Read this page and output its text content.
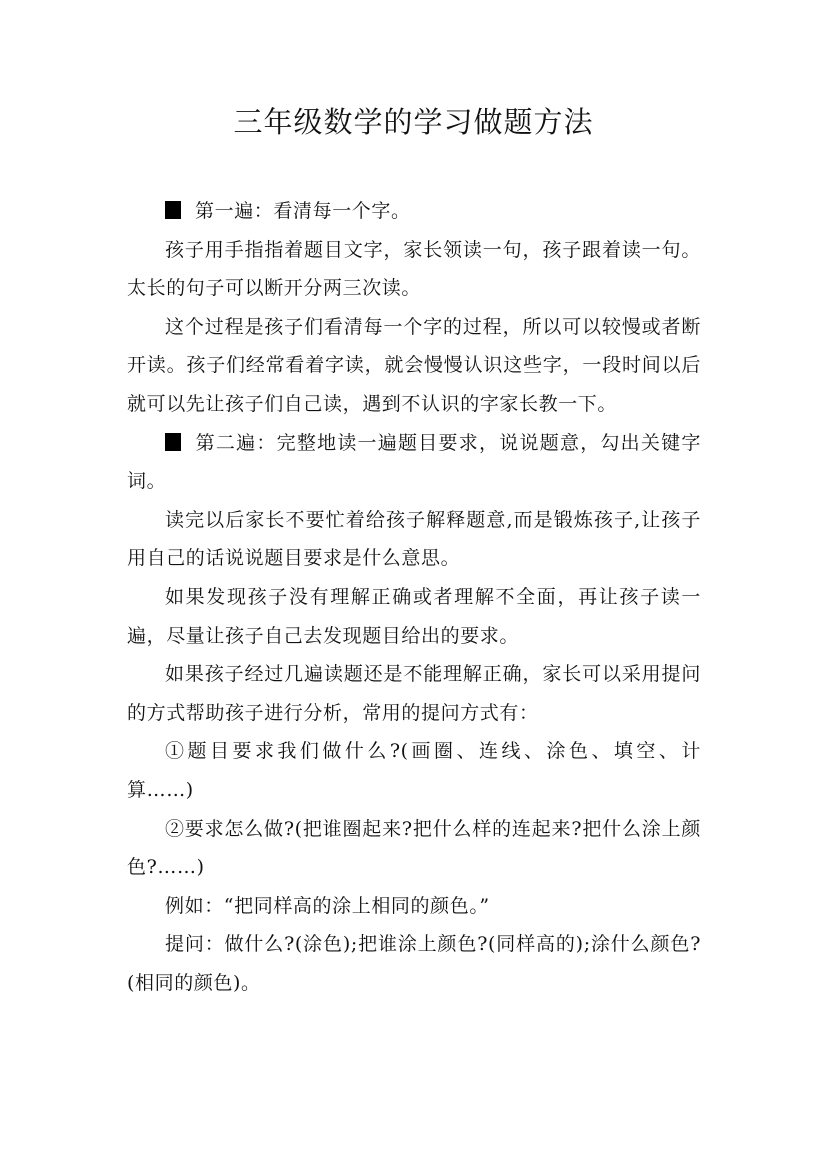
三年级数学的学习做题方法

第一遍：看清每一个字。

孩子用手指指着题目文字，家长领读一句，孩子跟着读一句。太长的句子可以断开分两三次读。

这个过程是孩子们看清每一个字的过程，所以可以较慢或者断开读。孩子们经常看着字读，就会慢慢认识这些字，一段时间以后就可以先让孩子们自己读，遇到不认识的字家长教一下。

第二遍：完整地读一遍题目要求，说说题意，勾出关键字词。

读完以后家长不要忙着给孩子解释题意,而是锻炼孩子,让孩子用自己的话说说题目要求是什么意思。

如果发现孩子没有理解正确或者理解不全面，再让孩子读一遍，尽量让孩子自己去发现题目给出的要求。

如果孩子经过几遍读题还是不能理解正确，家长可以采用提问的方式帮助孩子进行分析，常用的提问方式有：

①题目要求我们做什么?(画圈、连线、涂色、填空、计算……)

②要求怎么做?(把谁圈起来?把什么样的连起来?把什么涂上颜色?……)

例如：“把同样高的涂上相同的颜色。”

提问：做什么?(涂色);把谁涂上颜色?(同样高的);涂什么颜色?(相同的颜色)。
